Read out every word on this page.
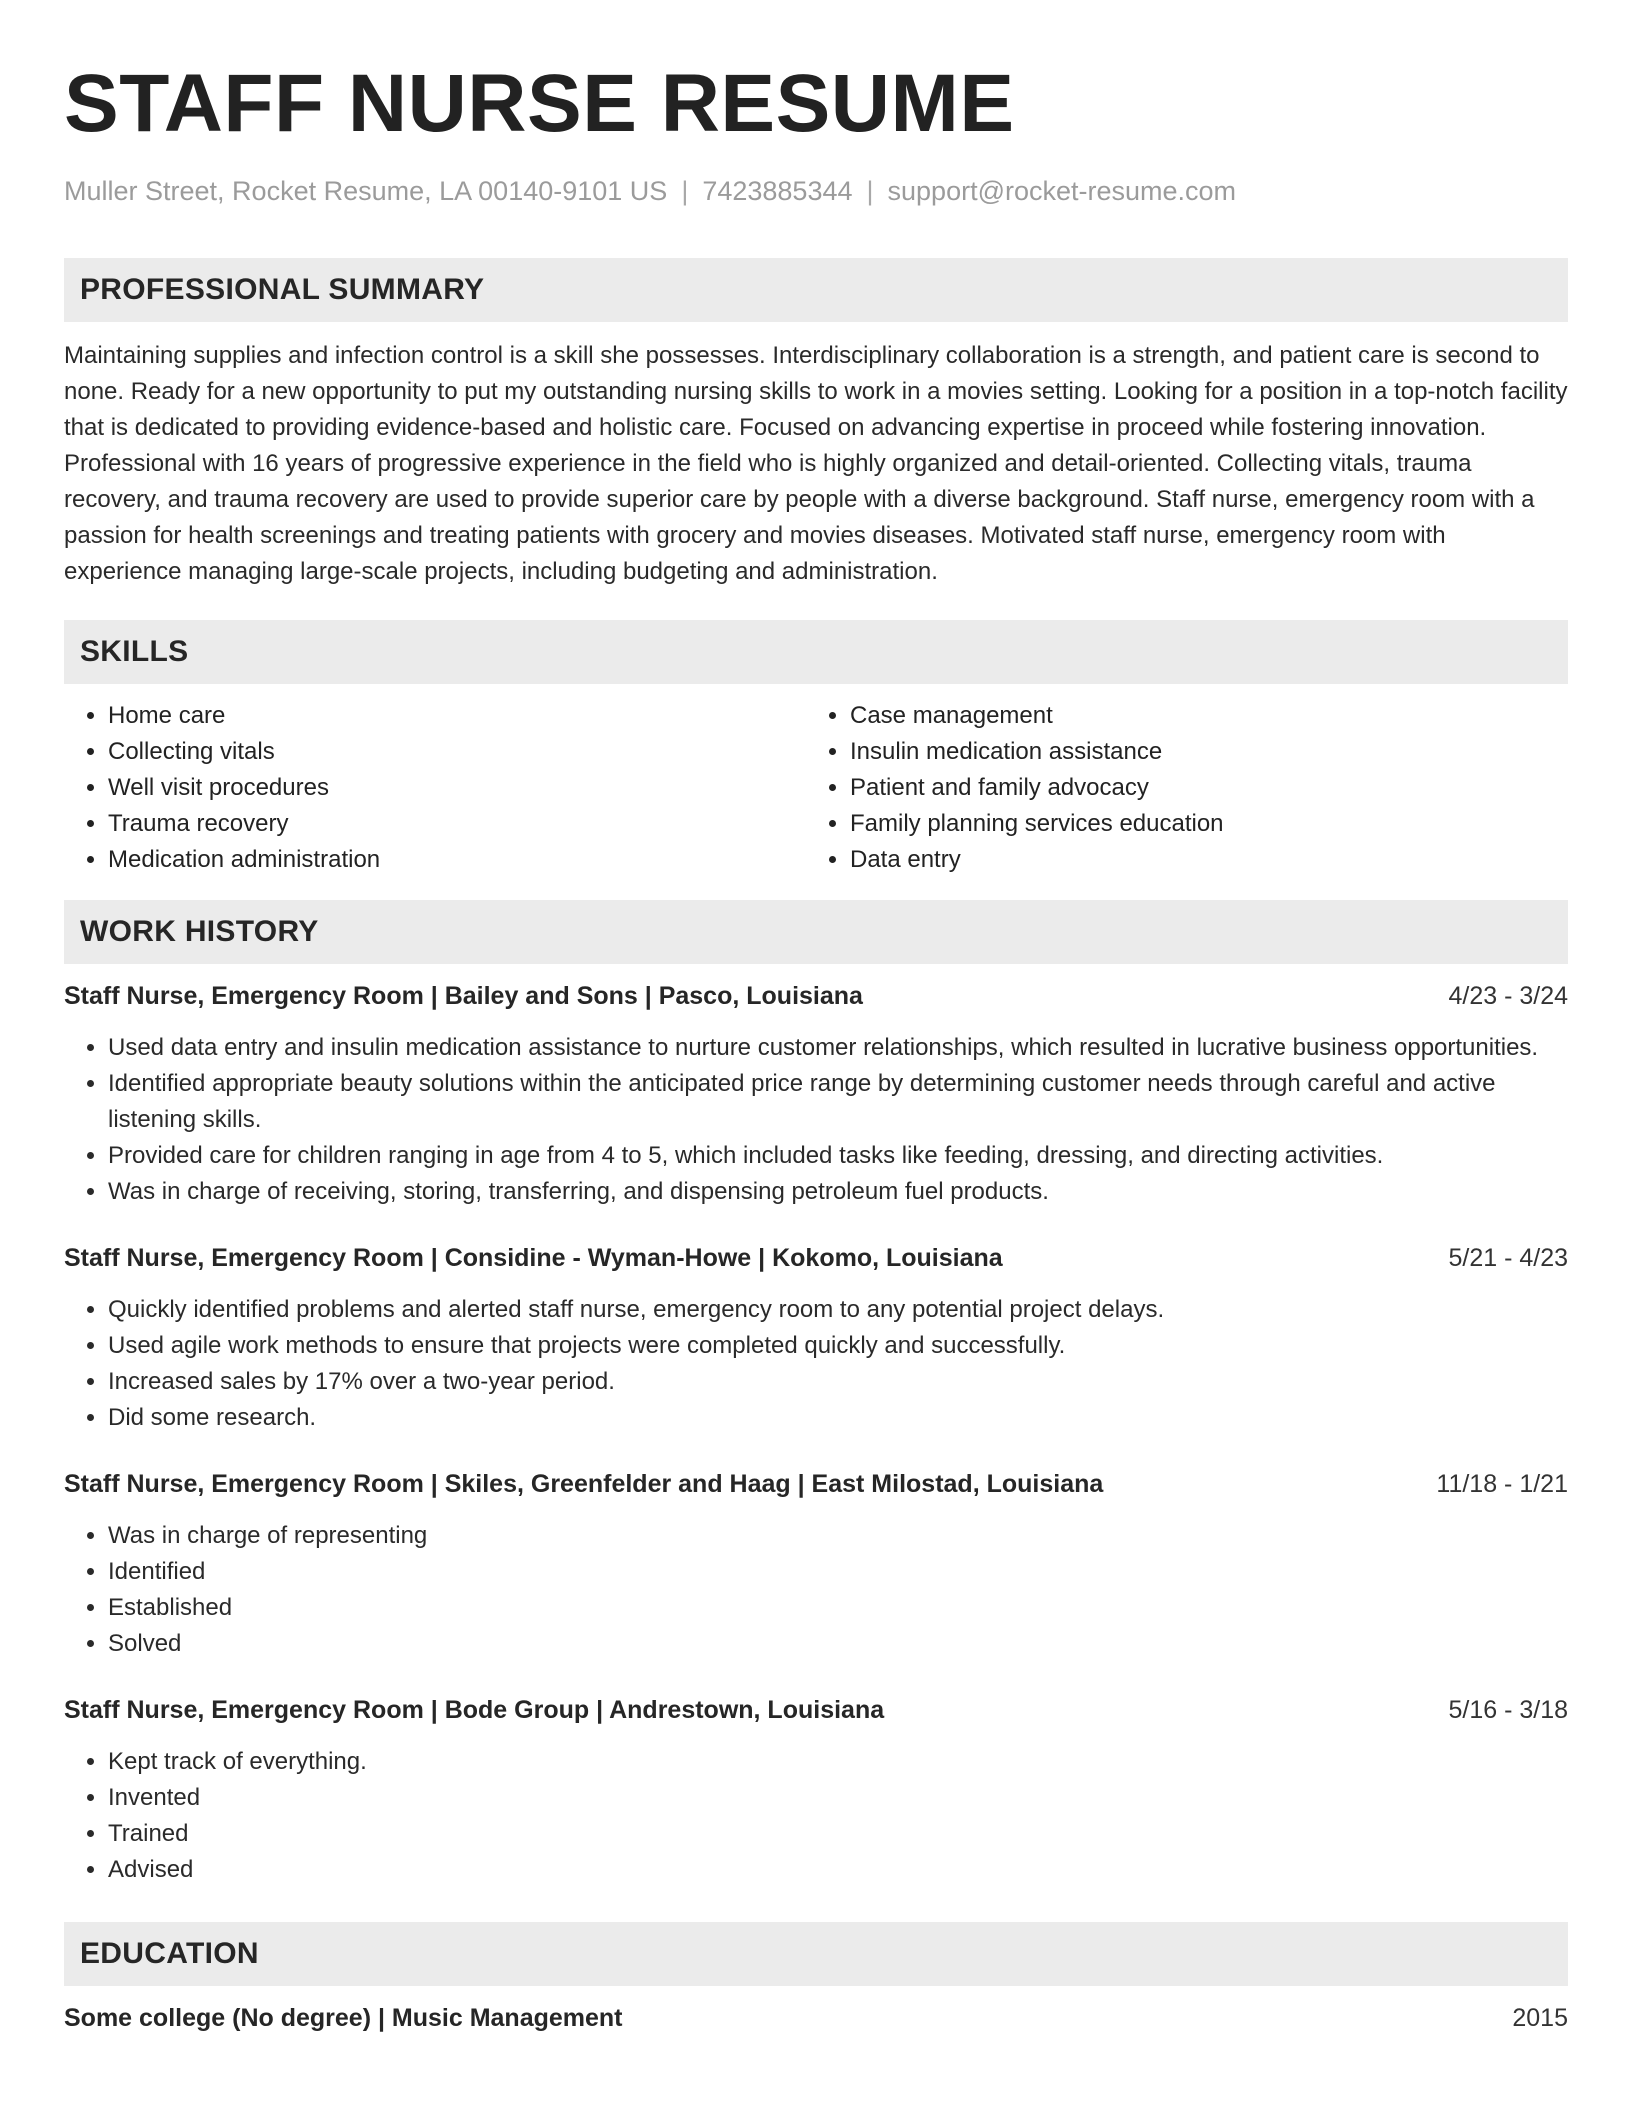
STAFF NURSE RESUME
Muller Street, Rocket Resume, LA 00140-9101 US | 7423885344 | support@rocket-resume.com
PROFESSIONAL SUMMARY
Maintaining supplies and infection control is a skill she possesses. Interdisciplinary collaboration is a strength, and patient care is second to none. Ready for a new opportunity to put my outstanding nursing skills to work in a movies setting. Looking for a position in a top-notch facility that is dedicated to providing evidence-based and holistic care. Focused on advancing expertise in proceed while fostering innovation. Professional with 16 years of progressive experience in the field who is highly organized and detail-oriented. Collecting vitals, trauma recovery, and trauma recovery are used to provide superior care by people with a diverse background. Staff nurse, emergency room with a passion for health screenings and treating patients with grocery and movies diseases. Motivated staff nurse, emergency room with experience managing large-scale projects, including budgeting and administration.
SKILLS
• Home care
• Collecting vitals
• Well visit procedures
• Trauma recovery
• Medication administration
• Case management
• Insulin medication assistance
• Patient and family advocacy
• Family planning services education
• Data entry
WORK HISTORY
Staff Nurse, Emergency Room | Bailey and Sons | Pasco, Louisiana	4/23 - 3/24
• Used data entry and insulin medication assistance to nurture customer relationships, which resulted in lucrative business opportunities.
• Identified appropriate beauty solutions within the anticipated price range by determining customer needs through careful and active listening skills.
• Provided care for children ranging in age from 4 to 5, which included tasks like feeding, dressing, and directing activities.
• Was in charge of receiving, storing, transferring, and dispensing petroleum fuel products.
Staff Nurse, Emergency Room | Considine - Wyman-Howe | Kokomo, Louisiana	5/21 - 4/23
• Quickly identified problems and alerted staff nurse, emergency room to any potential project delays.
• Used agile work methods to ensure that projects were completed quickly and successfully.
• Increased sales by 17% over a two-year period.
• Did some research.
Staff Nurse, Emergency Room | Skiles, Greenfelder and Haag | East Milostad, Louisiana	11/18 - 1/21
• Was in charge of representing
• Identified
• Established
• Solved
Staff Nurse, Emergency Room | Bode Group | Andrestown, Louisiana	5/16 - 3/18
• Kept track of everything.
• Invented
• Trained
• Advised
EDUCATION
Some college (No degree) | Music Management	2015
